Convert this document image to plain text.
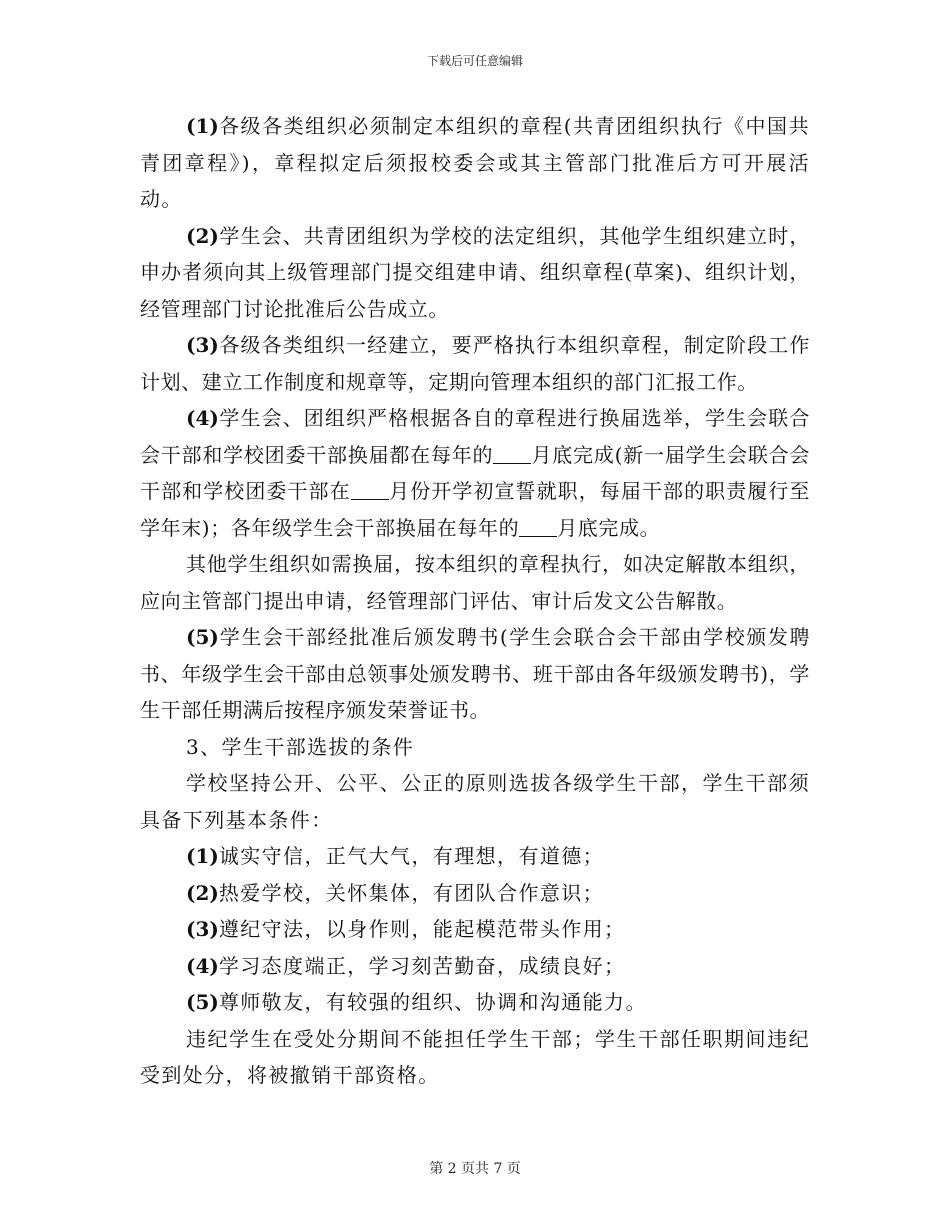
下载后可任意编辑

(1)各级各类组织必须制定本组织的章程(共青团组织执行《中国共青团章程》)，章程拟定后须报校委会或其主管部门批准后方可开展活动。

(2)学生会、共青团组织为学校的法定组织，其他学生组织建立时，申办者须向其上级管理部门提交组建申请、组织章程(草案)、组织计划，经管理部门讨论批准后公告成立。

(3)各级各类组织一经建立，要严格执行本组织章程，制定阶段工作计划、建立工作制度和规章等，定期向管理本组织的部门汇报工作。

(4)学生会、团组织严格根据各自的章程进行换届选举，学生会联合会干部和学校团委干部换届都在每年的 月底完成(新一届学生会联合会干部和学校团委干部在 月份开学初宣誓就职，每届干部的职责履行至学年末)；各年级学生会干部换届在每年的 月底完成。

其他学生组织如需换届，按本组织的章程执行，如决定解散本组织，应向主管部门提出申请，经管理部门评估、审计后发文公告解散。

(5)学生会干部经批准后颁发聘书(学生会联合会干部由学校颁发聘书、年级学生会干部由总领事处颁发聘书、班干部由各年级颁发聘书)，学生干部任期满后按程序颁发荣誉证书。

3、学生干部选拔的条件

学校坚持公开、公平、公正的原则选拔各级学生干部，学生干部须具备下列基本条件：

(1)诚实守信，正气大气，有理想，有道德；

(2)热爱学校，关怀集体，有团队合作意识；

(3)遵纪守法，以身作则，能起模范带头作用；

(4)学习态度端正，学习刻苦勤奋，成绩良好；

(5)尊师敬友，有较强的组织、协调和沟通能力。

违纪学生在受处分期间不能担任学生干部；学生干部任职期间违纪受到处分，将被撤销干部资格。

第 2 页共 7 页
